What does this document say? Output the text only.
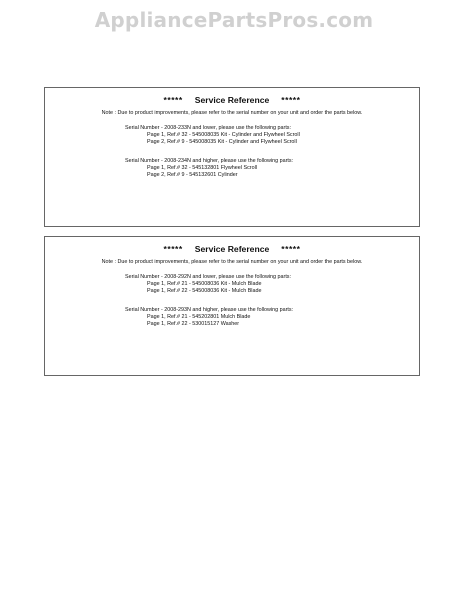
AppliancePartsPros.com
***** Service Reference *****
Note : Due to product improvements, please refer to the serial number on your unit and order the parts below.
Serial Number - 2008-233N and lower, please use the following parts:
Page 1, Ref.# 32 - 545008035 Kit - Cylinder and Flywheel Scroll
Page 2, Ref.# 9 - 545008035 Kit - Cylinder and Flywheel Scroll
Serial Number - 2008-234N and higher, please use the following parts:
Page 1, Ref.# 32 - 545132801 Flywheel Scroll
Page 2, Ref.# 9 - 545132601 Cylinder
***** Service Reference *****
Note : Due to product improvements, please refer to the serial number on your unit and order the parts below.
Serial Number - 2008-292N and lower, please use the following parts:
Page 1, Ref.# 21 - 545008036 Kit - Mulch Blade
Page 1, Ref.# 22 - 545008036 Kit - Mulch Blade
Serial Number - 2008-293N and higher, please use the following parts:
Page 1, Ref.# 21 - 545202801 Mulch Blade
Page 1, Ref.# 22 - 530015127 Washer
